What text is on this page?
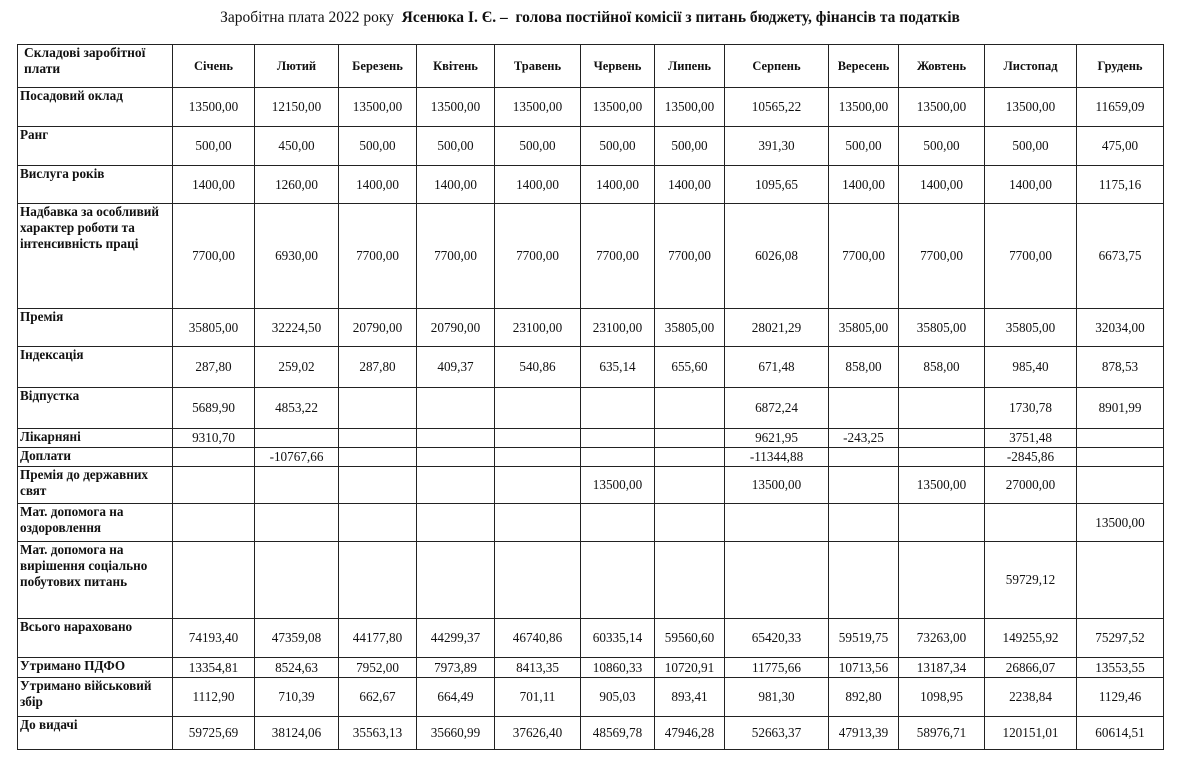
Заробітна плата 2022 року Ясенюка І. Є. – голова постійної комісії з питань бюджету, фінансів та податків
Складові заробітної плати	Січень	Лютий	Березень	Квітень	Травень	Червень	Липень	Серпень	Вересень	Жовтень	Листопад	Грудень
Посадовий оклад	13500,00	12150,00	13500,00	13500,00	13500,00	13500,00	13500,00	10565,22	13500,00	13500,00	13500,00	11659,09
Ранг	500,00	450,00	500,00	500,00	500,00	500,00	500,00	391,30	500,00	500,00	500,00	475,00
Вислуга років	1400,00	1260,00	1400,00	1400,00	1400,00	1400,00	1400,00	1095,65	1400,00	1400,00	1400,00	1175,16
Надбавка за особливий характер роботи та інтенсивність праці	7700,00	6930,00	7700,00	7700,00	7700,00	7700,00	7700,00	6026,08	7700,00	7700,00	7700,00	6673,75
Премія	35805,00	32224,50	20790,00	20790,00	23100,00	23100,00	35805,00	28021,29	35805,00	35805,00	35805,00	32034,00
Індексація	287,80	259,02	287,80	409,37	540,86	635,14	655,60	671,48	858,00	858,00	985,40	878,53
Відпустка	5689,90	4853,22						6872,24			1730,78	8901,99
Лікарняні	9310,70							9621,95	-243,25		3751,48	
Доплати		-10767,66						-11344,88			-2845,86	
Премія до державних свят						13500,00		13500,00		13500,00	27000,00	
Мат. допомога на оздоровлення												13500,00
Мат. допомога на вирішення соціально побутових питань											59729,12	
Всього нараховано	74193,40	47359,08	44177,80	44299,37	46740,86	60335,14	59560,60	65420,33	59519,75	73263,00	149255,92	75297,52
Утримано ПДФО	13354,81	8524,63	7952,00	7973,89	8413,35	10860,33	10720,91	11775,66	10713,56	13187,34	26866,07	13553,55
Утримано військовий збір	1112,90	710,39	662,67	664,49	701,11	905,03	893,41	981,30	892,80	1098,95	2238,84	1129,46
До видачі	59725,69	38124,06	35563,13	35660,99	37626,40	48569,78	47946,28	52663,37	47913,39	58976,71	120151,01	60614,51
